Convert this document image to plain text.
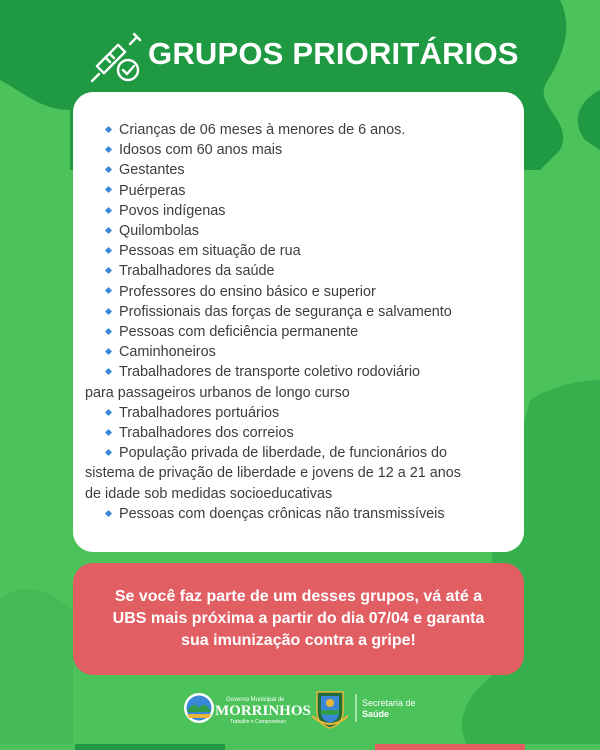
GRUPOS PRIORITÁRIOS
Crianças de 06 meses à menores de 6 anos.
Idosos com 60 anos mais
Gestantes
Puérperas
Povos indígenas
Quilombolas
Pessoas em situação de rua
Trabalhadores da saúde
Professores do ensino básico e superior
Profissionais das forças de segurança e salvamento
Pessoas com deficiência permanente
Caminhoneiros
Trabalhadores de transporte coletivo rodoviário
para passageiros urbanos de longo curso
Trabalhadores portuários
Trabalhadores dos correios
População privada de liberdade, de funcionários do
sistema de privação de liberdade e jovens de 12 a 21 anos
de idade sob medidas socioeducativas
Pessoas com doenças crônicas não transmissíveis
Se você faz parte de um desses grupos, vá até a
UBS mais próxima a partir do dia 07/04 e garanta
sua imunização contra a gripe!
Governo Municipal de
MORRINHOS
Trabalho e Compromisso
Secretaria de
Saúde
